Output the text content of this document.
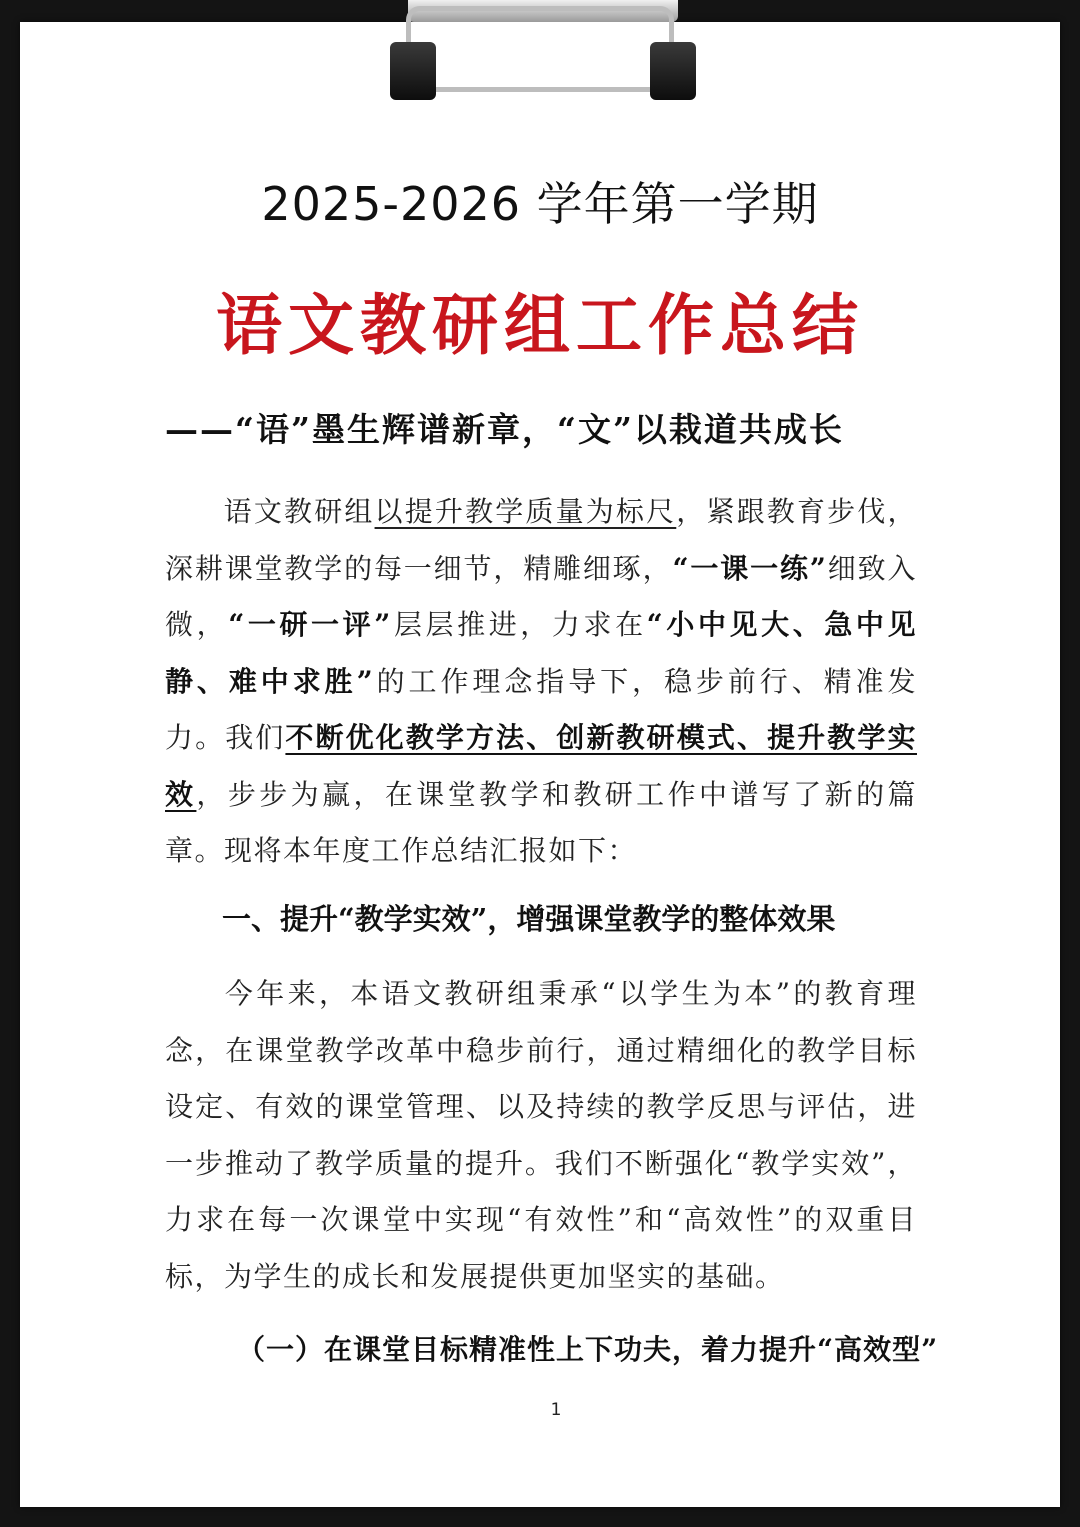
2025-2026 学年第一学期
语文教研组工作总结
——“语”墨生辉谱新章，“文”以栽道共成长
语文教研组以提升教学质量为标尺，紧跟教育步伐，深耕课堂教学的每一细节，精雕细琢，“一课一练”细致入微，“一研一评”层层推进，力求在“小中见大、急中见静、难中求胜”的工作理念指导下，稳步前行、精准发力。我们不断优化教学方法、创新教研模式、提升教学实效，步步为赢，在课堂教学和教研工作中谱写了新的篇章。现将本年度工作总结汇报如下：
一、提升“教学实效”，增强课堂教学的整体效果
今年来，本语文教研组秉承“以学生为本”的教育理念，在课堂教学改革中稳步前行，通过精细化的教学目标设定、有效的课堂管理、以及持续的教学反思与评估，进一步推动了教学质量的提升。我们不断强化“教学实效”，力求在每一次课堂中实现“有效性”和“高效性”的双重目标，为学生的成长和发展提供更加坚实的基础。
（一）在课堂目标精准性上下功夫，着力提升“高效型”
1
